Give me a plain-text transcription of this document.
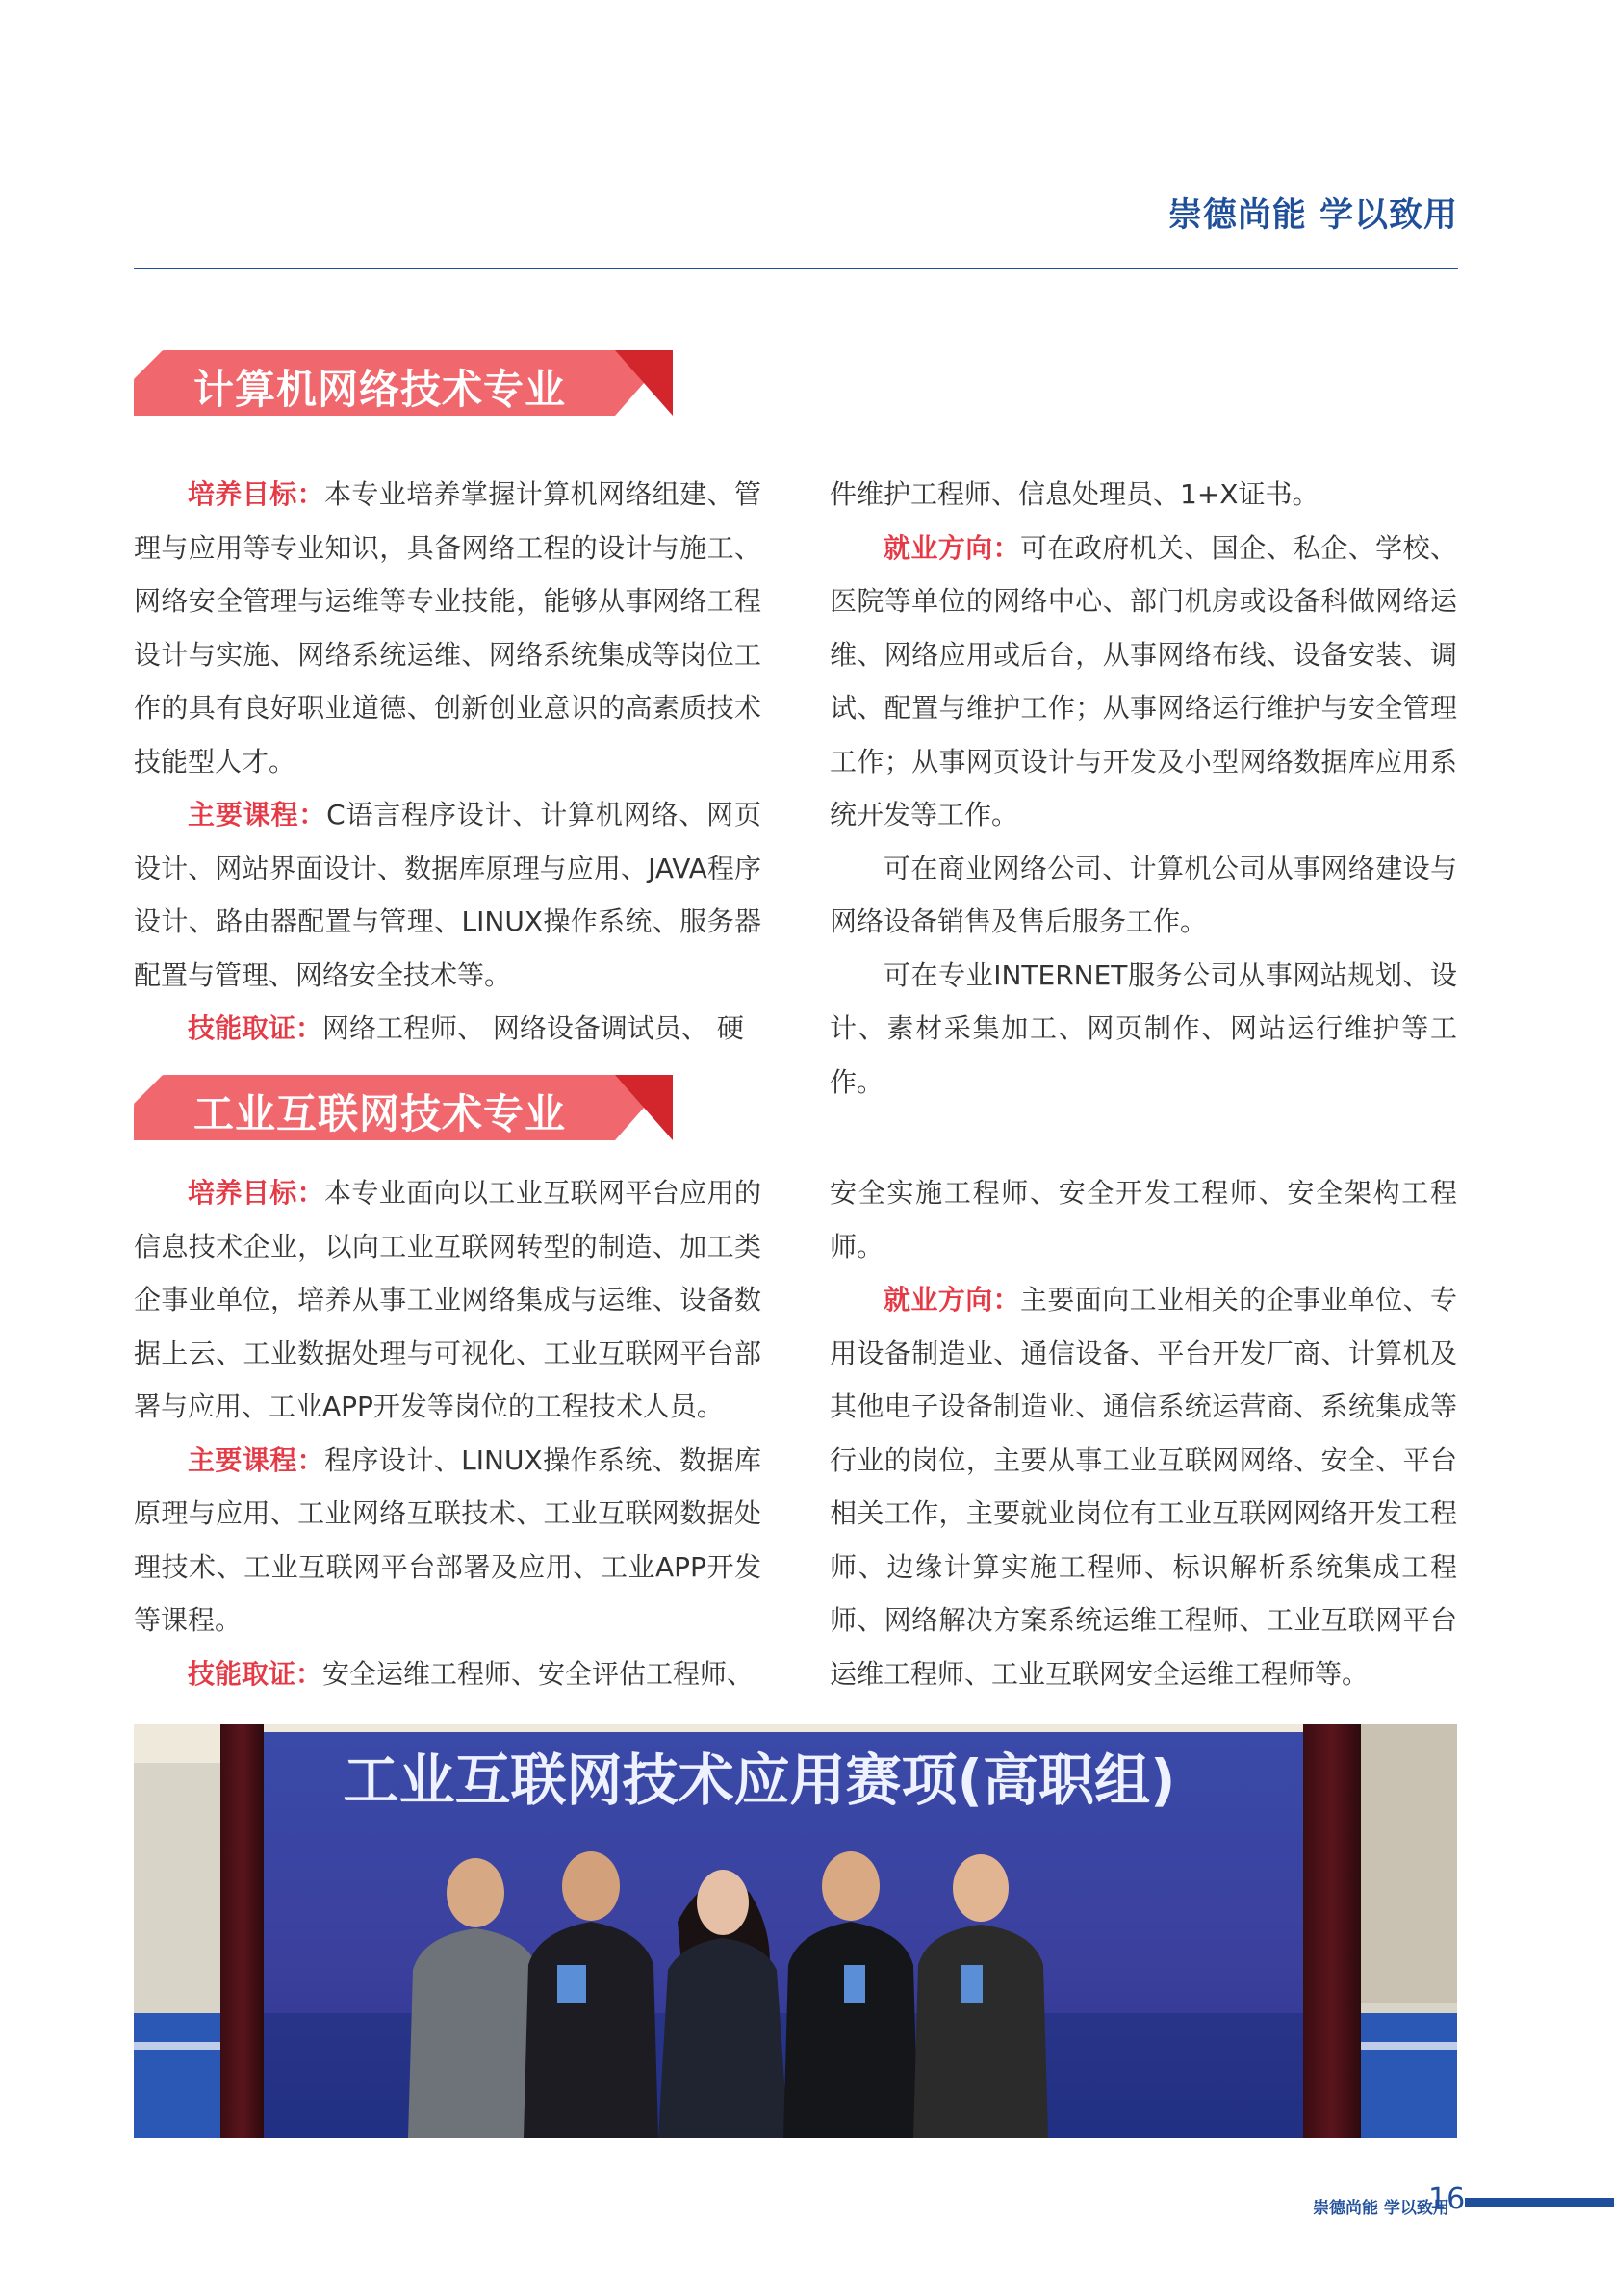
崇德尚能 学以致用
计算机网络技术专业

培养目标：本专业培养掌握计算机网络组建、管理与应用等专业知识，具备网络工程的设计与施工、网络安全管理与运维等专业技能，能够从事网络工程设计与实施、网络系统运维、网络系统集成等岗位工作的具有良好职业道德、创新创业意识的高素质技术技能型人才。

主要课程：C语言程序设计、计算机网络、网页设计、网站界面设计、数据库原理与应用、JAVA程序设计、路由器配置与管理、LINUX操作系统、服务器配置与管理、网络安全技术等。

技能取证：网络工程师、 网络设备调试员、 硬

件维护工程师、信息处理员、1+X证书。

就业方向：可在政府机关、国企、私企、学校、医院等单位的网络中心、部门机房或设备科做网络运维、网络应用或后台，从事网络布线、设备安装、调试、配置与维护工作；从事网络运行维护与安全管理工作；从事网页设计与开发及小型网络数据库应用系统开发等工作。

可在商业网络公司、计算机公司从事网络建设与网络设备销售及售后服务工作。

可在专业INTERNET服务公司从事网站规划、设计、素材采集加工、网页制作、网站运行维护等工作。

工业互联网技术专业

培养目标：本专业面向以工业互联网平台应用的信息技术企业，以向工业互联网转型的制造、加工类企事业单位，培养从事工业网络集成与运维、设备数据上云、工业数据处理与可视化、工业互联网平台部署与应用、工业APP开发等岗位的工程技术人员。

主要课程：程序设计、LINUX操作系统、数据库原理与应用、工业网络互联技术、工业互联网数据处理技术、工业互联网平台部署及应用、工业APP开发等课程。

技能取证：安全运维工程师、安全评估工程师、

安全实施工程师、安全开发工程师、安全架构工程师。

就业方向：主要面向工业相关的企事业单位、专用设备制造业、通信设备、平台开发厂商、计算机及其他电子设备制造业、通信系统运营商、系统集成等行业的岗位，主要从事工业互联网网络、安全、平台相关工作，主要就业岗位有工业互联网网络开发工程师、边缘计算实施工程师、标识解析系统集成工程师、网络解决方案系统运维工程师、工业互联网平台运维工程师、工业互联网安全运维工程师等。

工业互联网技术应用赛项(高职组)
崇德尚能 学以致用
16
